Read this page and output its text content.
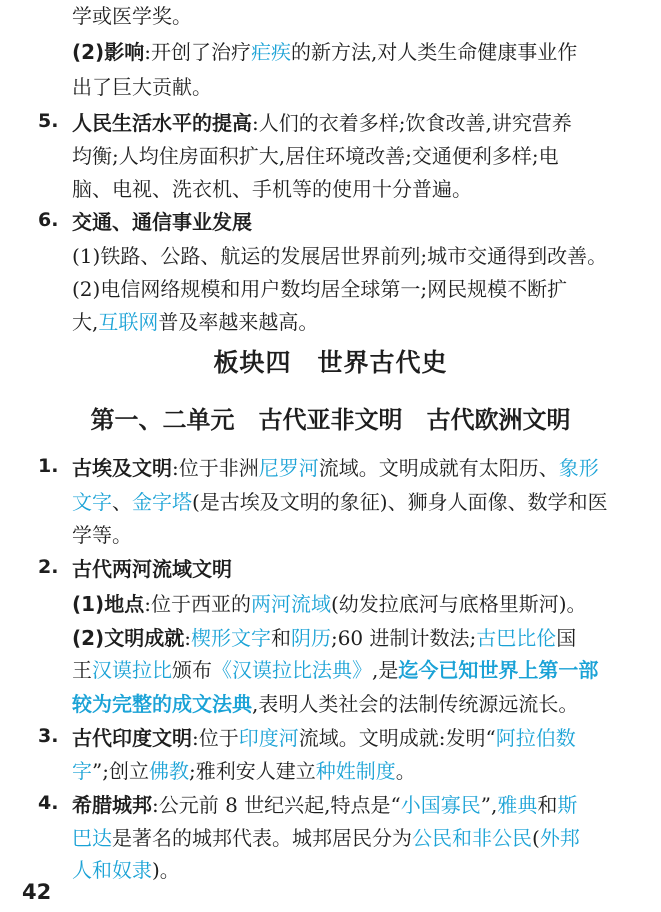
学或医学奖。
(2)影响:开创了治疗疟疾的新方法,对人类生命健康事业作
出了巨大贡献。
5. 人民生活水平的提高:人们的衣着多样;饮食改善,讲究营养
均衡;人均住房面积扩大,居住环境改善;交通便利多样;电
脑、电视、洗衣机、手机等的使用十分普遍。
6. 交通、通信事业发展
(1)铁路、公路、航运的发展居世界前列;城市交通得到改善。
(2)电信网络规模和用户数均居全球第一;网民规模不断扩
大,互联网普及率越来越高。
板块四　世界古代史
第一、二单元　古代亚非文明　古代欧洲文明
1. 古埃及文明:位于非洲尼罗河流域。文明成就有太阳历、象形
文字、金字塔(是古埃及文明的象征)、狮身人面像、数学和医
学等。
2. 古代两河流域文明
(1)地点:位于西亚的两河流域(幼发拉底河与底格里斯河)。
(2)文明成就:楔形文字和阴历;60 进制计数法;古巴比伦国
王汉谟拉比颁布《汉谟拉比法典》,是迄今已知世界上第一部
较为完整的成文法典,表明人类社会的法制传统源远流长。
3. 古代印度文明:位于印度河流域。文明成就:发明“阿拉伯数
字”;创立佛教;雅利安人建立种姓制度。
4. 希腊城邦:公元前 8 世纪兴起,特点是“小国寡民”,雅典和斯
巴达是著名的城邦代表。城邦居民分为公民和非公民(外邦
人和奴隶)。
42
